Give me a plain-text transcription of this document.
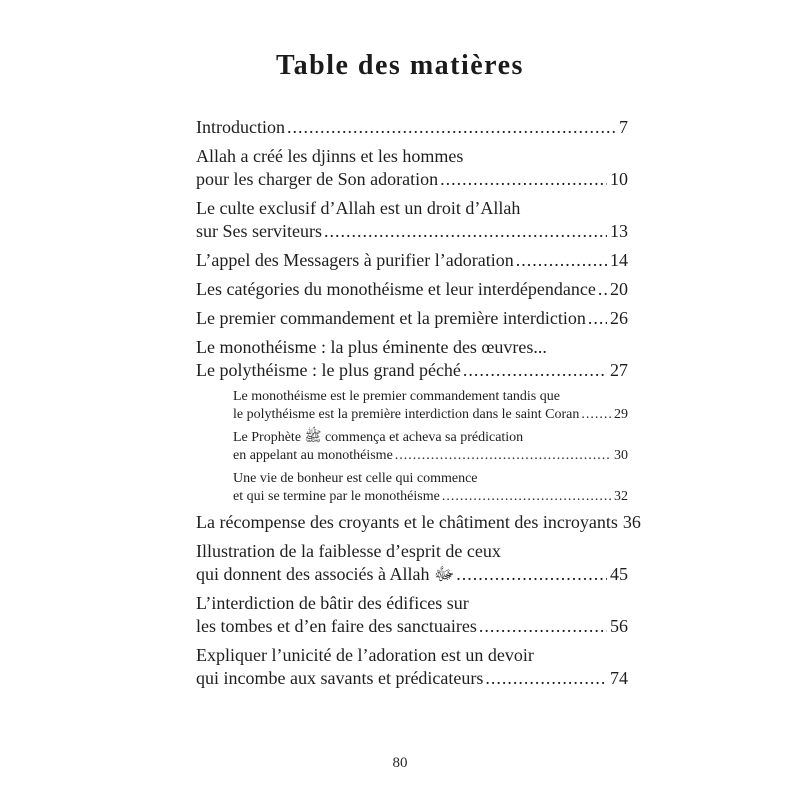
Table des matières
Introduction .....	7
Allah a créé les djinns et les hommes
pour les charger de Son adoration .....	10
Le culte exclusif d’Allah est un droit d’Allah
sur Ses serviteurs .....	13
L’appel des Messagers à purifier l’adoration .....	14
Les catégories du monothéisme et leur interdépendance ..... 20
Le premier commandement et la première interdiction ..... 26
Le monothéisme : la plus éminente des œuvres...
Le polythéisme : le plus grand péché .....	27
Le monothéisme est le premier commandement tandis que
le polythéisme est la première interdiction dans le saint Coran ..... 29
Le Prophète ﷺ commença et acheva sa prédication
en appelant au monothéisme .....	30
Une vie de bonheur est celle qui commence
et qui se termine par le monothéisme .....	32
La récompense des croyants et le châtiment des incroyants 36
Illustration de la faiblesse d’esprit de ceux
qui donnent des associés à Allah ﷻ .....	45
L’interdiction de bâtir des édifices sur
les tombes et d’en faire des sanctuaires .....	56
Expliquer l’unicité de l’adoration est un devoir
qui incombe aux savants et prédicateurs .....	74
80
